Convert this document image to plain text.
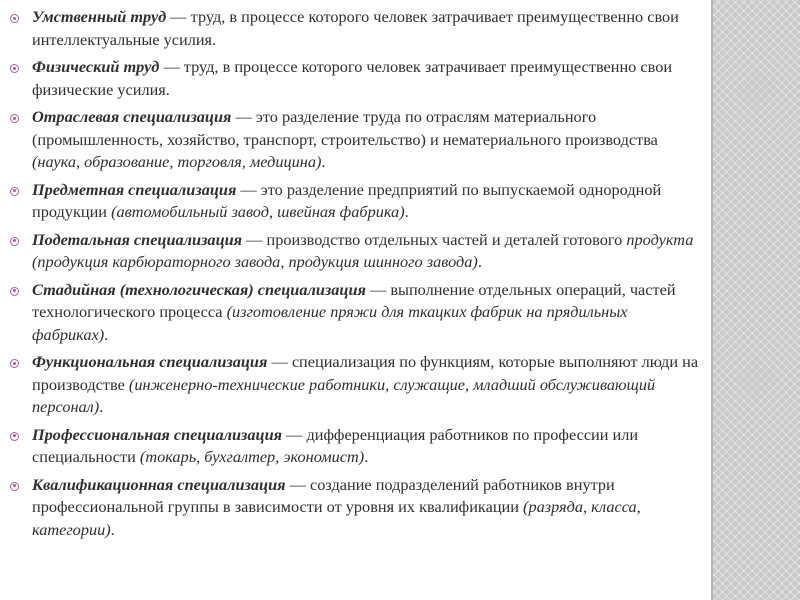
Умственный труд — труд, в процессе которого человек затрачивает преимущественно свои интеллектуальные усилия.
Физический труд — труд, в процессе которого человек затрачивает преимущественно свои физические усилия.
Отраслевая специализация — это разделение труда по отраслям материального (промышленность, хозяйство, транспорт, строительство) и нематериального производства (наука, образование, торговля, медицина).
Предметная специализация — это разделение предприятий по выпускаемой однородной продукции (автомобильный завод, швейная фабрика).
Подетальная специализация — производство отдельных частей и деталей готового продукта (продукция карбюраторного завода, продукция шинного завода).
Стадийная (технологическая) специализация — выполнение отдельных операций, частей технологического процесса (изготовление пряжи для ткацких фабрик на прядильных фабриках).
Функциональная специализация — специализация по функциям, которые выполняют люди на производстве (инженерно-технические работники, служащие, младший обслуживающий персонал).
Профессиональная специализация — дифференциация работников по профессии или специальности (токарь, бухгалтер, экономист).
Квалификационная специализация — создание подразделений работников внутри профессиональной группы в зависимости от уровня их квалификации (разряда, класса, категории).
